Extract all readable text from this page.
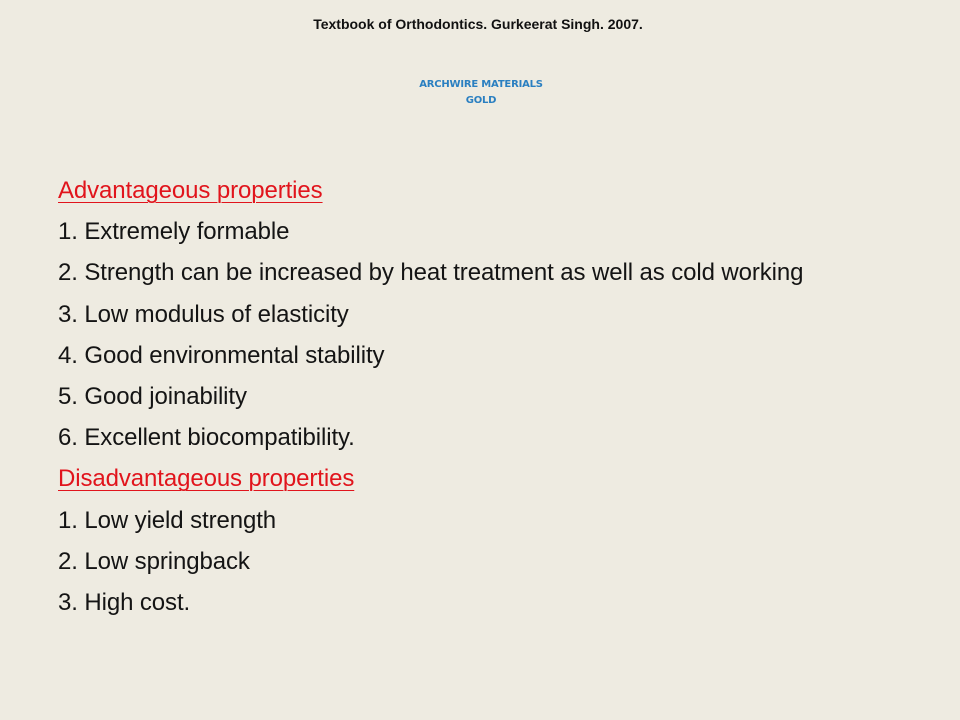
Textbook of Orthodontics. Gurkeerat Singh. 2007.
ARCHWIRE MATERIALS
GOLD
Advantageous properties
1. Extremely formable
2. Strength can be increased by heat treatment as well as cold working
3. Low modulus of elasticity
4. Good environmental stability
5. Good joinability
6. Excellent biocompatibility.
Disadvantageous properties
1. Low yield strength
2. Low springback
3. High cost.
